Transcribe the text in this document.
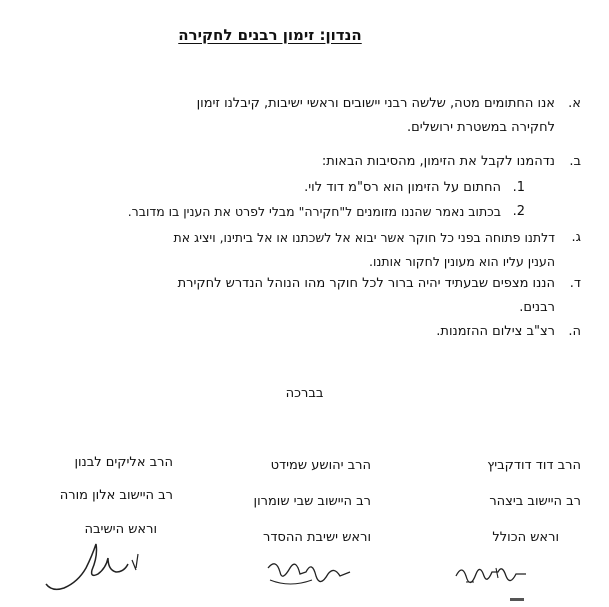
הנדון: זימון רבנים לחקירה
א.
אנו החתומים מטה, שלשה רבני יישובים וראשי ישיבות, קיבלנו זימון
לחקירה במשטרת ירושלים.
ב.
נדהמנו לקבל את הזימון, מהסיבות הבאות:
1.
החתום על הזימון הוא רס"מ דוד לוי.
2.
בכתוב נאמר שהננו מזומנים ל"חקירה" מבלי לפרט את הענין בו מדובר.
ג.
דלתנו פתוחה בפני כל חוקר אשר יבוא אל לשכתנו או אל ביתינו, ויציג את
הענין עליו הוא מעונין לחקור אותנו.
ד.
הננו מצפים שבעתיד יהיה ברור לכל חוקר מהו הנוהל הנדרש לחקירת
רבנים.
ה.
רצ"ב צילום ההזמנות.
בברכה
הרב דוד דודקביץ
רב היישוב ביצהר
וראש הכולל
הרב יהושע שמידט
רב היישוב שבי שומרון
וראש ישיבת ההסדר
הרב אליקים לבנון
רב היישוב אלון מורה
וראש הישיבה
